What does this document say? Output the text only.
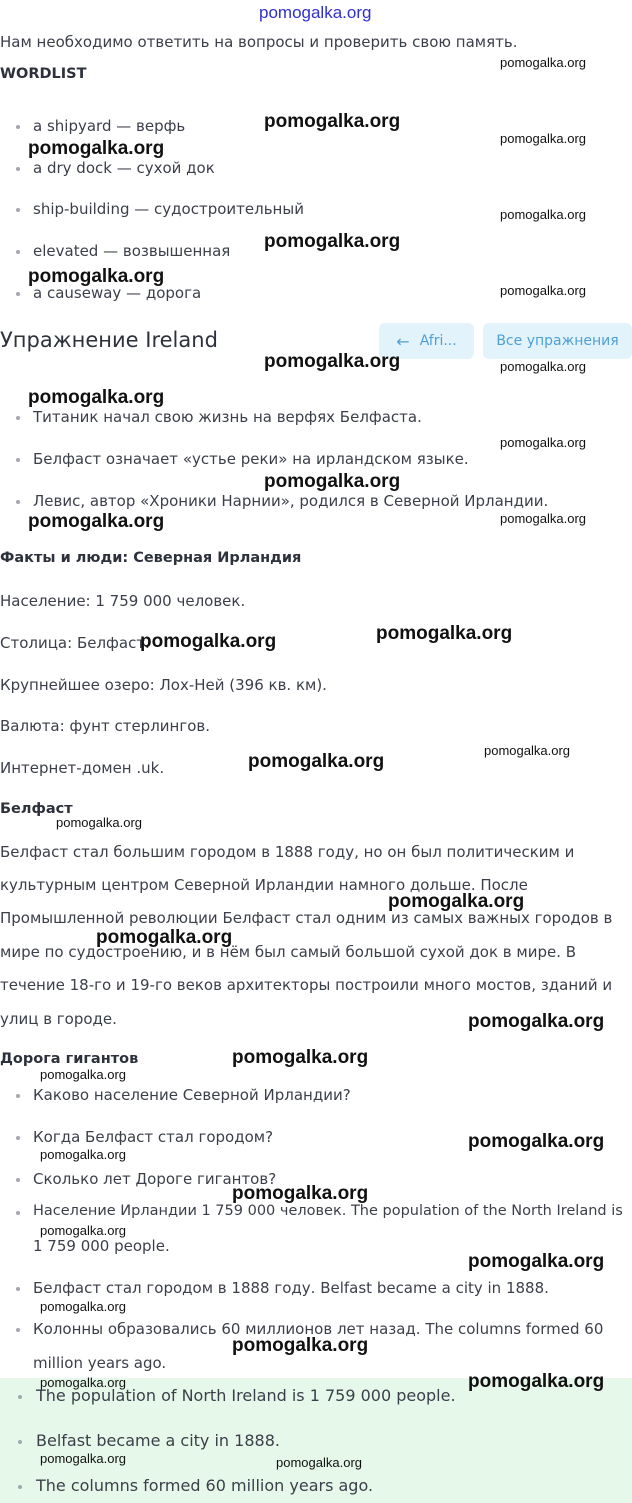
pomogalka.org
Нам необходимо ответить на вопросы и проверить свою память.
WORDLIST
a shipyard — верфь
a dry dock — сухой док
ship-building — судостроительный
elevated — возвышенная
a causeway — дорога
Упражнение Ireland	← Afri...	Все упражнения
Титаник начал свою жизнь на верфях Белфаста.
Белфаст означает «устье реки» на ирландском языке.
Левис, автор «Хроники Нарнии», родился в Северной Ирландии.
Факты и люди: Северная Ирландия
Население: 1 759 000 человек.
Столица: Белфаст.
Крупнейшее озеро: Лох-Ней (396 кв. км).
Валюта: фунт стерлингов.
Интернет-домен .uk.
Белфаст
Белфаст стал большим городом в 1888 году, но он был политическим и
культурным центром Северной Ирландии намного дольше. После
Промышленной революции Белфаст стал одним из самых важных городов в
мире по судостроению, и в нём был самый большой сухой док в мире. В
течение 18-го и 19-го веков архитекторы построили много мостов, зданий и
улиц в городе.
Дорога гигантов
Каково население Северной Ирландии?
Когда Белфаст стал городом?
Сколько лет Дороге гигантов?
Население Ирландии 1 759 000 человек. The population of the North Ireland is
1 759 000 people.
Белфаст стал городом в 1888 году. Belfast became a city in 1888.
Колонны образовались 60 миллионов лет назад. The columns formed 60
million years ago.
The population of North Ireland is 1 759 000 people.
Belfast became a city in 1888.
The columns formed 60 million years ago.
pomogalka.org
pomogalka.org
pomogalka.org
pomogalka.org
pomogalka.org
pomogalka.org
pomogalka.org
pomogalka.org
pomogalka.org
pomogalka.org
pomogalka.org
pomogalka.org
pomogalka.org
pomogalka.org
pomogalka.org	pomogalka.org
pomogalka.org
pomogalka.org
pomogalka.org
pomogalka.org
pomogalka.org
pomogalka.org
pomogalka.org
pomogalka.org
pomogalka.org	pomogalka.org
pomogalka.org
pomogalka.org
pomogalka.org
pomogalka.org
pomogalka.org
pomogalka.org
pomogalka.org
pomogalka.org
pomogalka.org
pomogalka.org
